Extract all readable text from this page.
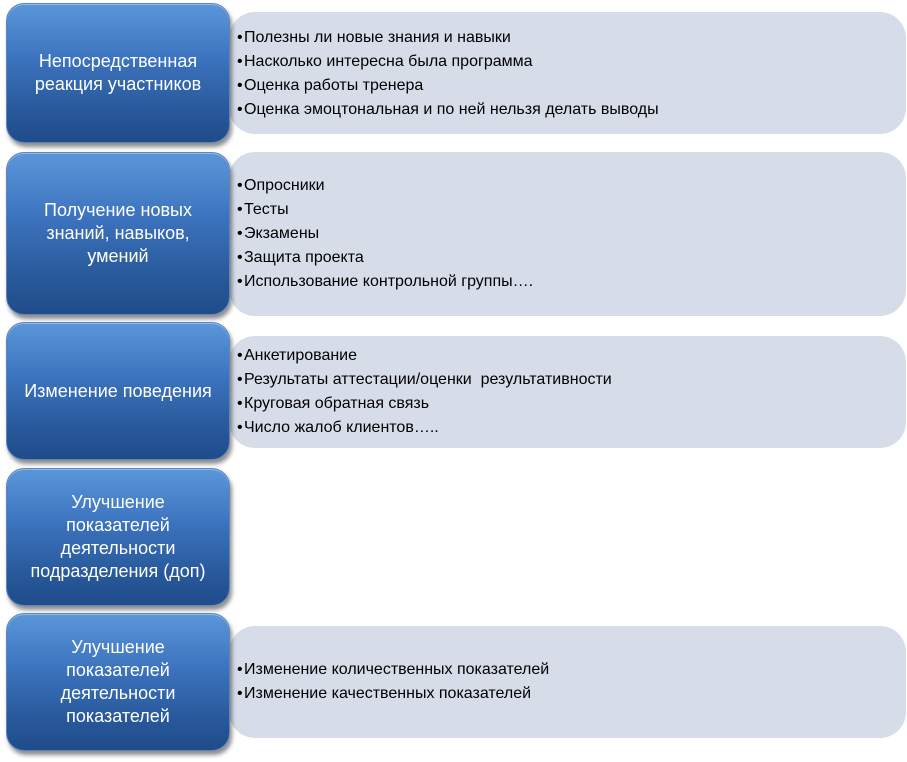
•Полезны ли новые знания и навыки
•Насколько интересна была программа
•Оценка работы тренера
•Оценка эмоцтональная и по ней нельзя делать выводы
Непосредственная реакция участников
•Опросники
•Тесты
•Экзамены
•Защита проекта
•Использование контрольной группы….
Получение новых знаний, навыков, умений
•Анкетирование
•Результаты аттестации/оценки  результативности
•Круговая обратная связь
•Число жалоб клиентов…..
Изменение поведения
Улучшение показателей деятельности подразделения (доп)
•Изменение количественных показателей
•Изменение качественных показателей
Улучшение показателей деятельности показателей
